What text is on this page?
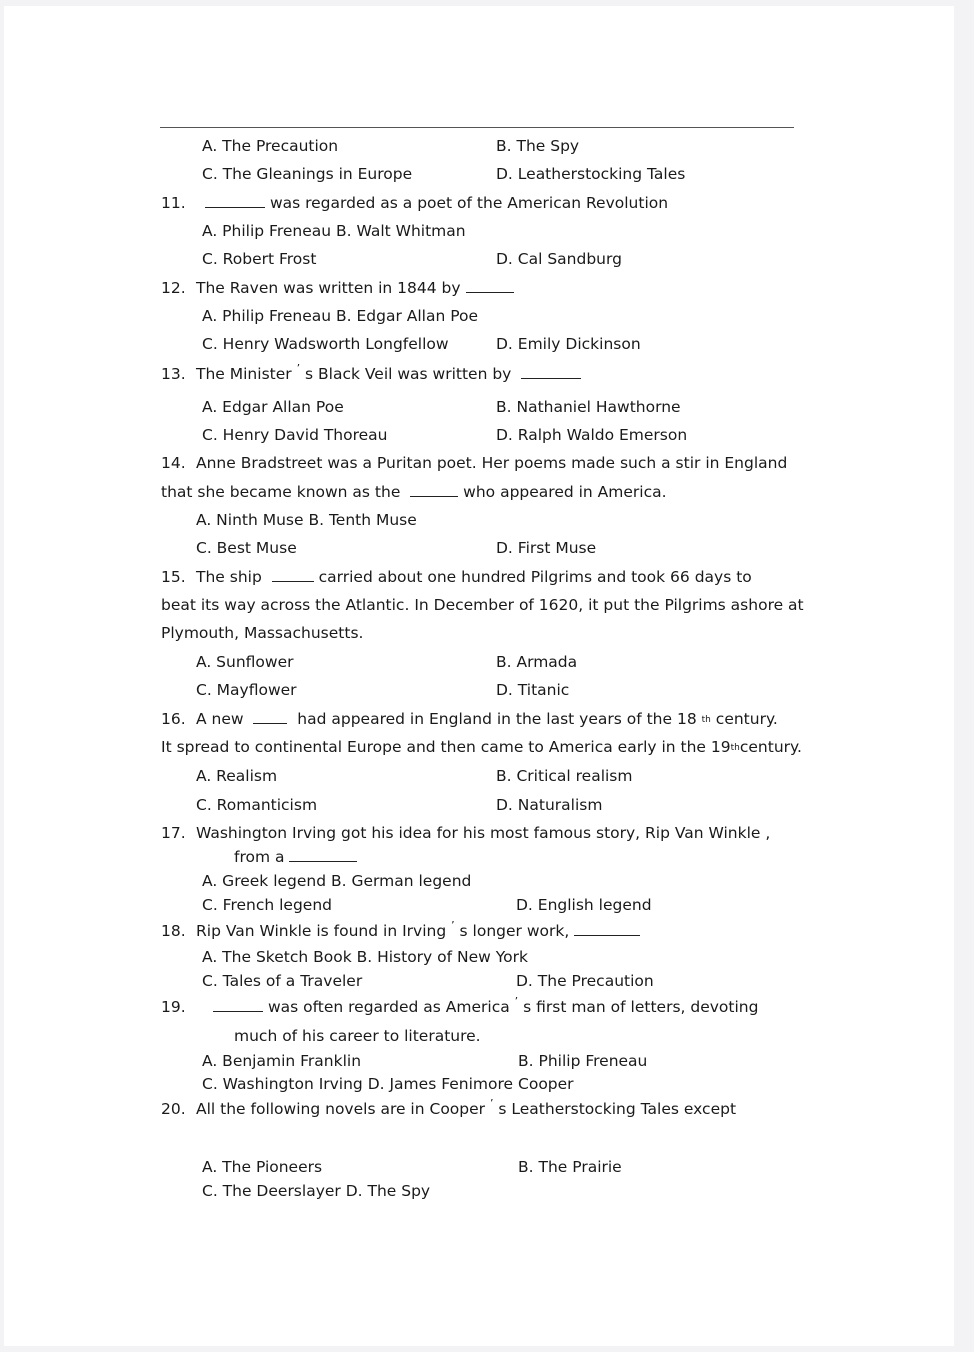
A. The Precaution	B. The Spy
C. The Gleanings in Europe	D. Leatherstocking Tales
11.	was regarded as a poet of the American Revolution
A. Philip Freneau B. Walt Whitman
C. Robert Frost	D. Cal Sandburg
12. The Raven was written in 1844 by
A. Philip Freneau B. Edgar Allan Poe
C. Henry Wadsworth Longfellow	D. Emily Dickinson
13. The Minister ’ s Black Veil was written by
A. Edgar Allan Poe	B. Nathaniel Hawthorne
C. Henry David Thoreau	D. Ralph Waldo Emerson
14. Anne Bradstreet was a Puritan poet. Her poems made such a stir in England
that she became known as the	who appeared in America.
A. Ninth Muse B. Tenth Muse
C. Best Muse	D. First Muse
15. The ship	carried about one hundred Pilgrims and took 66 days to
beat its way across the Atlantic. In December of 1620, it put the Pilgrims ashore at
Plymouth, Massachusetts.
A. Sunflower	B. Armada
C. Mayflower	D. Titanic
16. A new	had appeared in England in the last years of the 18 $^{th}$ century.
It spread to continental Europe and then came to America early in the 19thcentury.
A. Realism	B. Critical realism
C. Romanticism	D. Naturalism
17. Washington Irving got his idea for his most famous story, Rip Van Winkle ,
from a
A. Greek legend B. German legend
C. French legend	D. English legend
18. Rip Van Winkle is found in Irving ’ s longer work,
A. The Sketch Book B. History of New York
C. Tales of a Traveler	D. The Precaution
19.	was often regarded as America ’ s first man of letters, devoting
much of his career to literature.
A. Benjamin Franklin	B. Philip Freneau
C. Washington Irving D. James Fenimore Cooper
20. All the following novels are in Cooper ’ s Leatherstocking Tales except
A. The Pioneers	B. The Prairie
C. The Deerslayer D. The Spy
